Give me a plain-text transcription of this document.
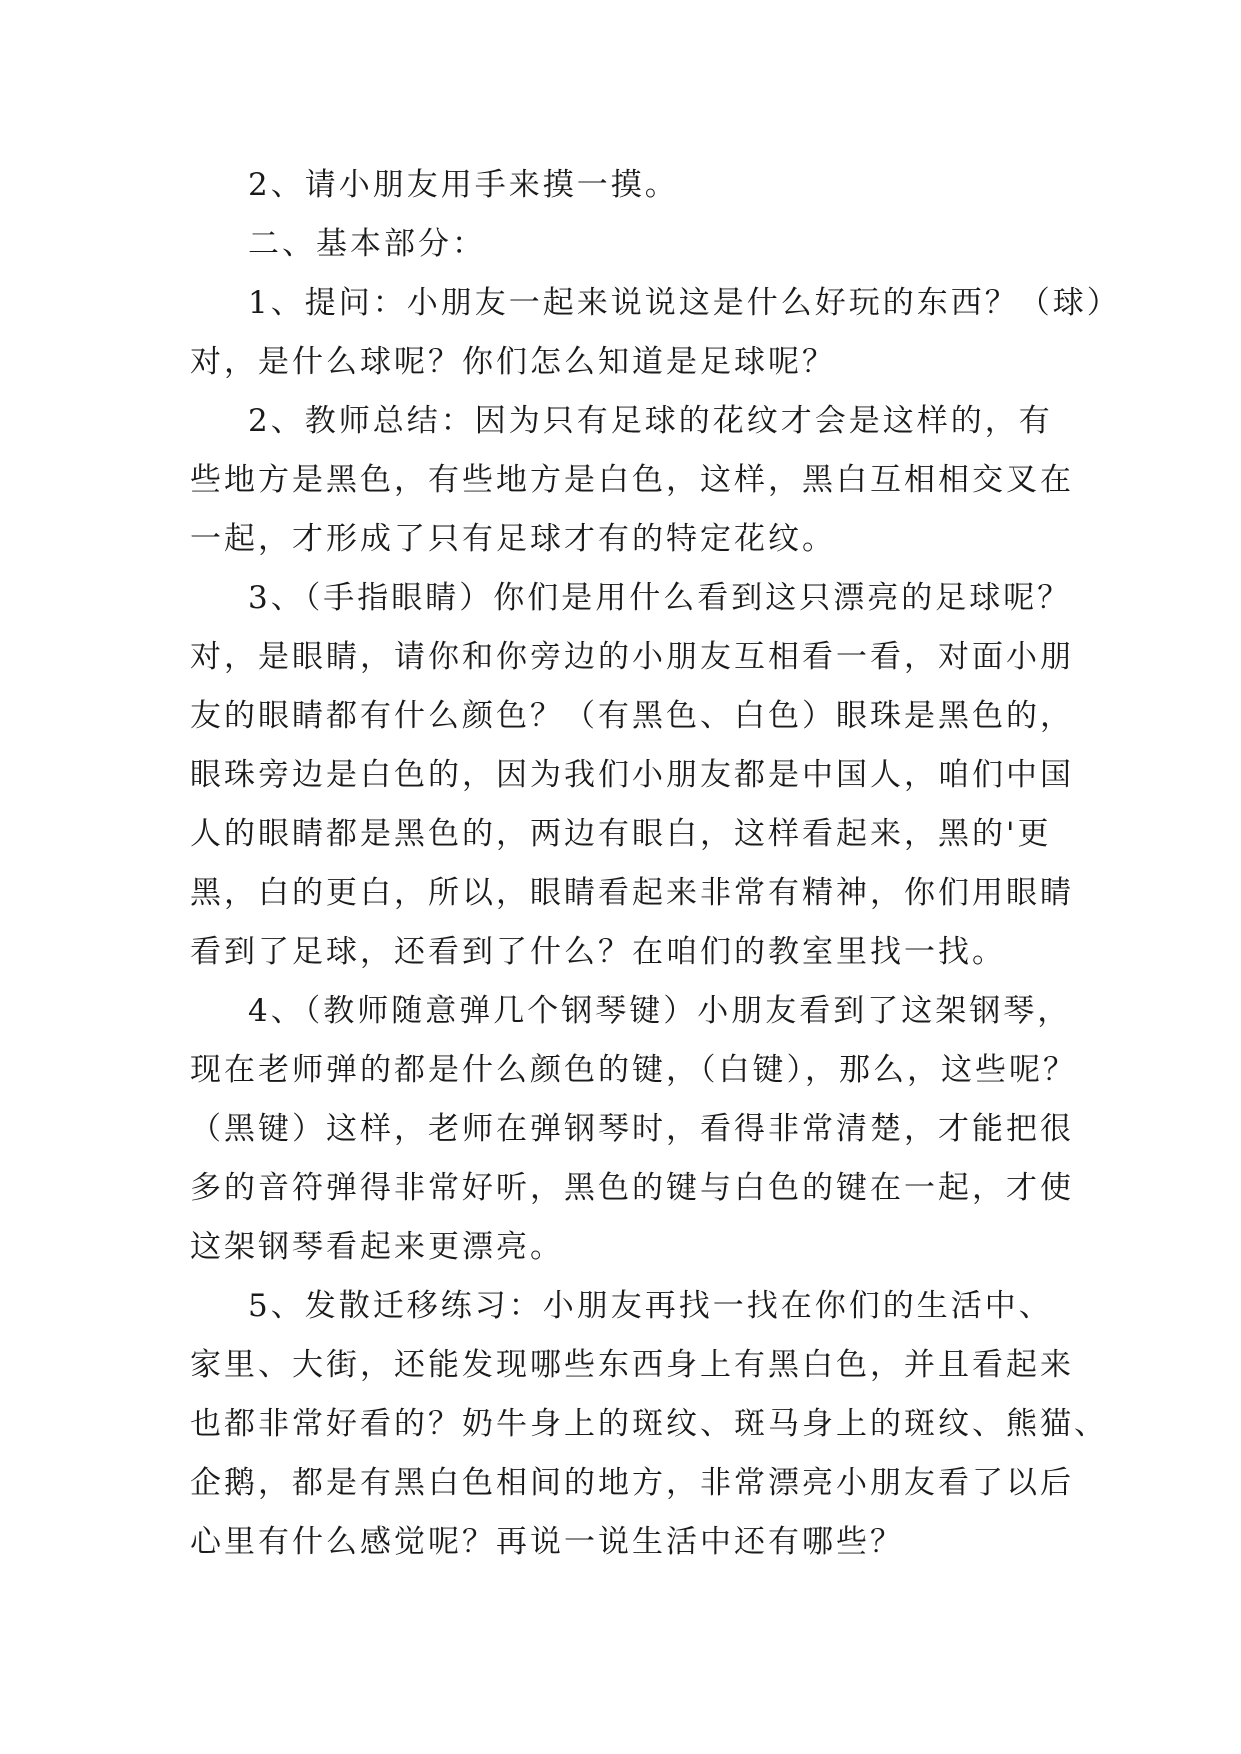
2、请小朋友用手来摸一摸。
二、基本部分：
1、提问：小朋友一起来说说这是什么好玩的东西？（球）
对，是什么球呢？你们怎么知道是足球呢？
2、教师总结：因为只有足球的花纹才会是这样的，有
些地方是黑色，有些地方是白色，这样，黑白互相相交叉在
一起，才形成了只有足球才有的特定花纹。
3、（手指眼睛）你们是用什么看到这只漂亮的足球呢？
对，是眼睛，请你和你旁边的小朋友互相看一看，对面小朋
友的眼睛都有什么颜色？（有黑色、白色）眼珠是黑色的，
眼珠旁边是白色的，因为我们小朋友都是中国人，咱们中国
人的眼睛都是黑色的，两边有眼白，这样看起来，黑的'更
黑，白的更白，所以，眼睛看起来非常有精神，你们用眼睛
看到了足球，还看到了什么？在咱们的教室里找一找。
4、（教师随意弹几个钢琴键）小朋友看到了这架钢琴，
现在老师弹的都是什么颜色的键，（白键），那么，这些呢？
（黑键）这样，老师在弹钢琴时，看得非常清楚，才能把很
多的音符弹得非常好听，黑色的键与白色的键在一起，才使
这架钢琴看起来更漂亮。
5、发散迁移练习：小朋友再找一找在你们的生活中、
家里、大街，还能发现哪些东西身上有黑白色，并且看起来
也都非常好看的？奶牛身上的斑纹、斑马身上的斑纹、熊猫、
企鹅，都是有黑白色相间的地方，非常漂亮小朋友看了以后
心里有什么感觉呢？再说一说生活中还有哪些？
